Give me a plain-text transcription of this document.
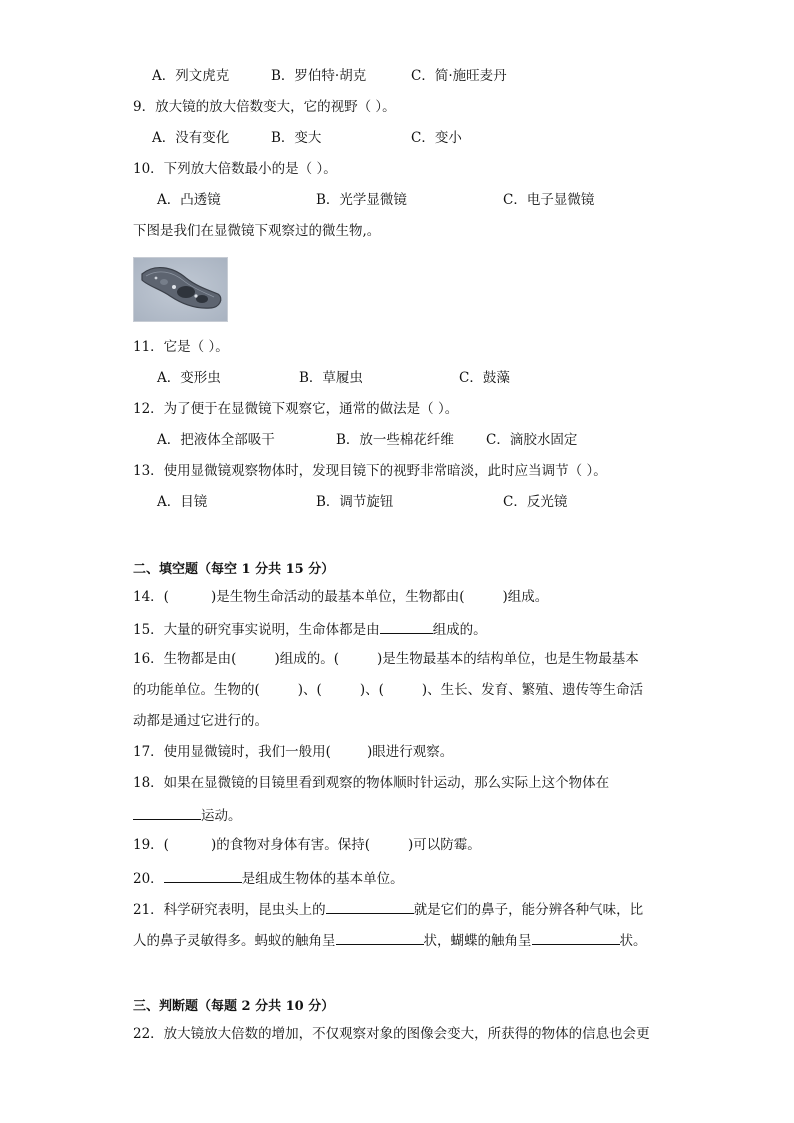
A．列文虎克	B．罗伯特·胡克	C．简·施旺麦丹
9．放大镜的放大倍数变大，它的视野（ ）。
A．没有变化	B．变大	C．变小
10．下列放大倍数最小的是（ ）。
A．凸透镜	B．光学显微镜	C．电子显微镜
下图是我们在显微镜下观察过的微生物,。
11．它是（ ）。
A．变形虫	B．草履虫	C．鼓藻
12．为了便于在显微镜下观察它，通常的做法是（ ）。
A．把液体全部吸干	B．放一些棉花纤维 C．滴胶水固定
13．使用显微镜观察物体时，发现目镜下的视野非常暗淡，此时应当调节（ ）。
A．目镜	B．调节旋钮	C．反光镜
二、填空题（每空 1 分共 15 分）
14．(	)是生物生命活动的最基本单位，生物都由(	)组成。
15．大量的研究事实说明，生命体都是由	组成的。
16．生物都是由(	)组成的。(	)是生物最基本的结构单位，也是生物最基本
的功能单位。生物的(	)、(	)、(	)、生长、发育、繁殖、遗传等生命活
动都是通过它进行的。
17．使用显微镜时，我们一般用(	)眼进行观察。
18．如果在显微镜的目镜里看到观察的物体顺时针运动，那么实际上这个物体在
运动。
19．(	)的食物对身体有害。保持(	)可以防霉。
20．	是组成生物体的基本单位。
21．科学研究表明，昆虫头上的	就是它们的鼻子，能分辨各种气味，比
人的鼻子灵敏得多。蚂蚁的触角呈	状，蝴蝶的触角呈	状。
三、判断题（每题 2 分共 10 分）
22．放大镜放大倍数的增加，不仅观察对象的图像会变大，所获得的物体的信息也会更
